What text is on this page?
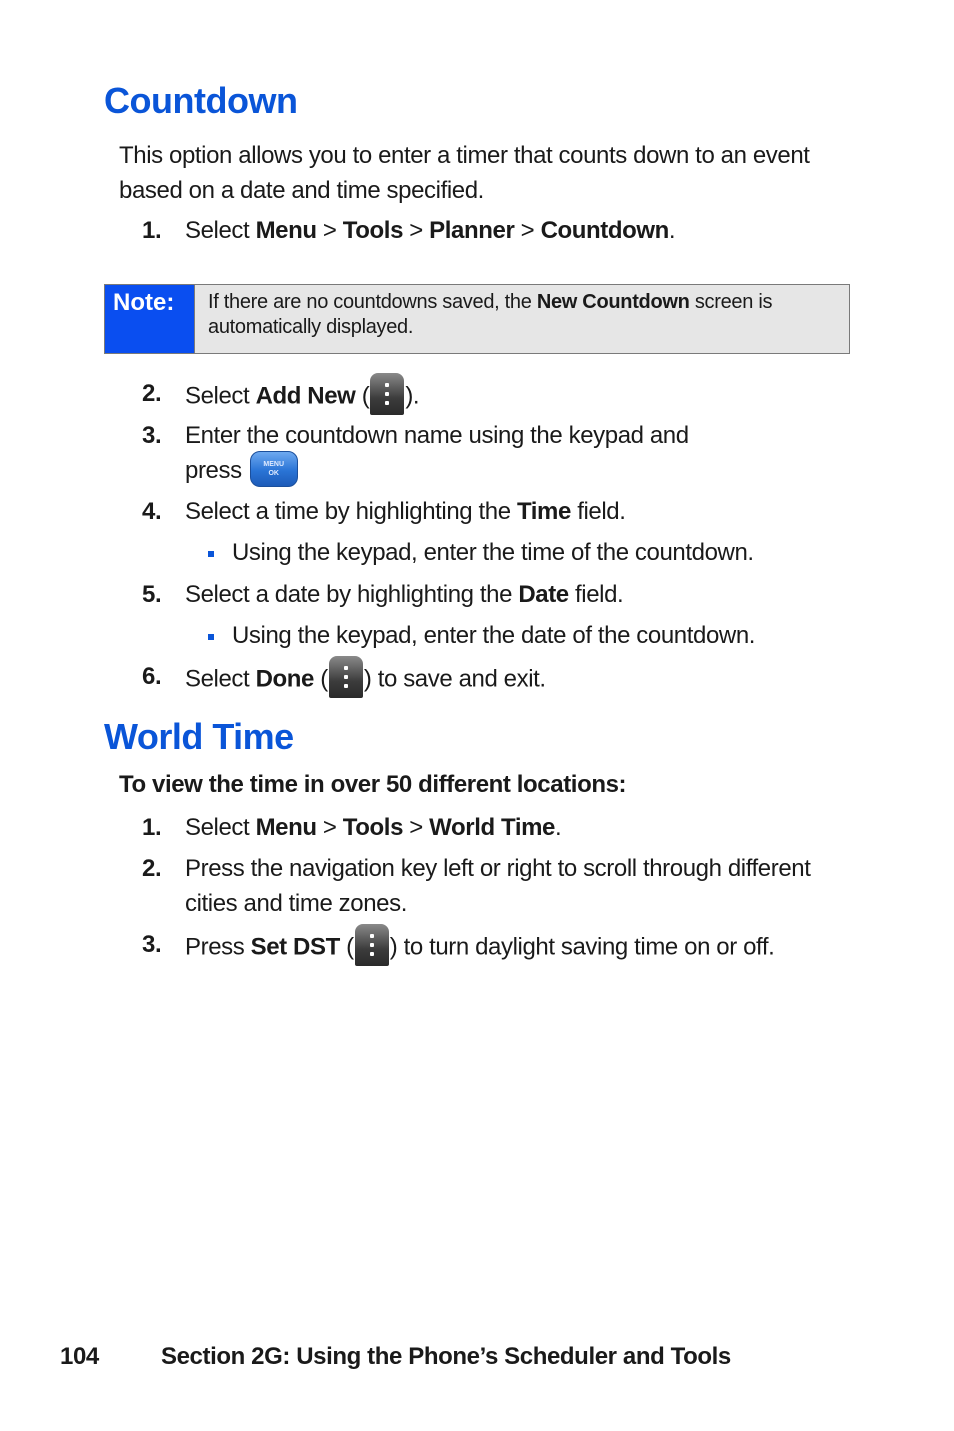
Countdown

This option allows you to enter a timer that counts down to an event based on a date and time specified.

1. Select Menu > Tools > Planner > Countdown.
Note:	If there are no countdowns saved, the New Countdown screen is automatically displayed.
2. Select Add New ( ).
3. Enter the countdown name using the keypad and
press	MENU
OK
4. Select a time by highlighting the Time field.
Using the keypad, enter the time of the countdown.
5. Select a date by highlighting the Date field.
Using the keypad, enter the date of the countdown.
6. Select Done ( ) to save and exit.
World Time

To view the time in over 50 different locations:

1. Select Menu > Tools > World Time.
2. Press the navigation key left or right to scroll through different cities and time zones.
3. Press Set DST ( ) to turn daylight saving time on or off.
104	Section 2G: Using the Phone’s Scheduler and Tools
